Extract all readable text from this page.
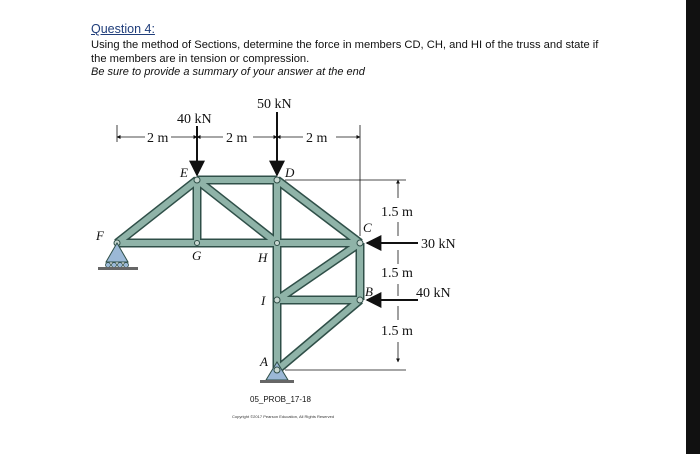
Question 4:
Using the method of Sections, determine the force in members CD, CH, and HI of the truss and state if
the members are in tension or compression.
Be sure to provide a summary of your answer at the end
40 kN
50 kN
30 kN
40 kN
2 m	2 m	2 m
1.5 m
1.5 m
1.5 m
F
E	D
C
G	H
I
B
A
05_PROB_17-18
Copyright ©2017 Pearson Education, All Rights Reserved
